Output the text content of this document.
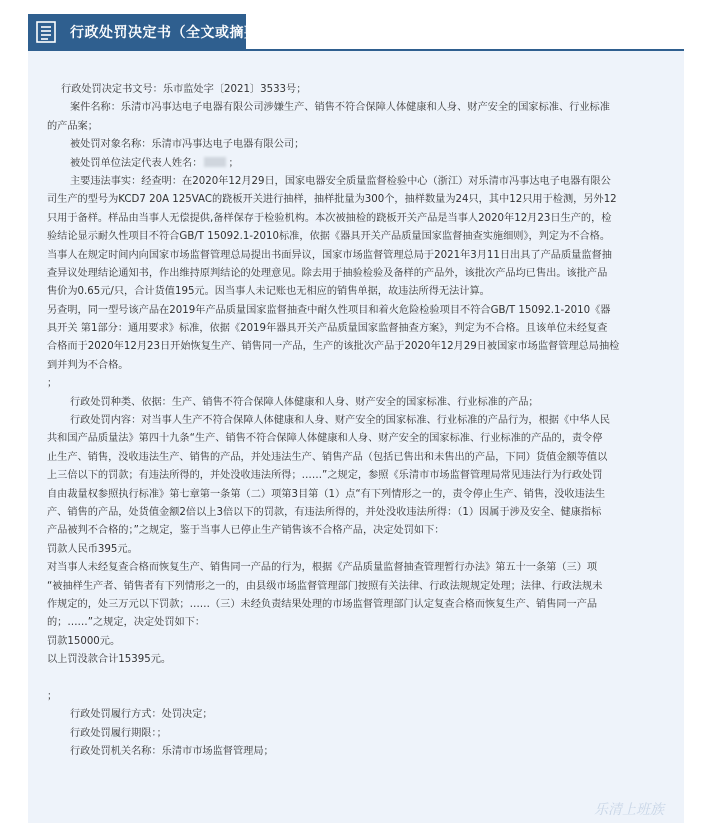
行政处罚决定书（全文或摘要）
行政处罚决定书文号：乐市监处字〔2021〕3533号；
案件名称：乐清市冯事达电子电器有限公司涉嫌生产、销售不符合保障人体健康和人身、财产安全的国家标准、行业标准
的产品案；
被处罚对象名称：乐清市冯事达电子电器有限公司；
被处罚单位法定代表人姓名：	；
主要违法事实：经查明：在2020年12月29日，国家电器安全质量监督检验中心（浙江）对乐清市冯事达电子电器有限公
司生产的型号为KCD7 20A 125VAC的跷板开关进行抽样，抽样批量为300个，抽样数量为24只，其中12只用于检测，另外12
只用于备样。样品由当事人无偿提供,备样保存于检验机构。本次被抽检的跷板开关产品是当事人2020年12月23日生产的，检
验结论显示耐久性项目不符合GB/T 15092.1-2010标准，依据《器具开关产品质量国家监督抽查实施细则》，判定为不合格。
当事人在规定时间内向国家市场监督管理总局提出书面异议，国家市场监督管理总局于2021年3月11日出具了产品质量监督抽
查异议处理结论通知书，作出维持原判结论的处理意见。除去用于抽验检验及备样的产品外，该批次产品均已售出。该批产品
售价为0.65元/只，合计货值195元。因当事人未记账也无相应的销售单据，故违法所得无法计算。
另查明，同一型号该产品在2019年产品质量国家监督抽查中耐久性项目和着火危险检验项目不符合GB/T 15092.1-2010《器
具开关 第1部分：通用要求》标准，依据《2019年器具开关产品质量国家监督抽查方案》，判定为不合格。且该单位未经复查
合格而于2020年12月23日开始恢复生产、销售同一产品，生产的该批次产品于2020年12月29日被国家市场监督管理总局抽检
到并判为不合格。
；
行政处罚种类、依据：生产、销售不符合保障人体健康和人身、财产安全的国家标准、行业标准的产品；
行政处罚内容：对当事人生产不符合保障人体健康和人身、财产安全的国家标准、行业标准的产品行为，根据《中华人民
共和国产品质量法》第四十九条“生产、销售不符合保障人体健康和人身、财产安全的国家标准、行业标准的产品的，责令停
止生产、销售，没收违法生产、销售的产品，并处违法生产、销售产品（包括已售出和未售出的产品，下同）货值金额等值以
上三倍以下的罚款；有违法所得的，并处没收违法所得；……”之规定，参照《乐清市市场监督管理局常见违法行为行政处罚
自由裁量权参照执行标准》第七章第一条第（二）项第3目第（1）点“有下列情形之一的，责令停止生产、销售，没收违法生
产、销售的产品，处货值金额2倍以上3倍以下的罚款，有违法所得的，并处没收违法所得：（1）因属于涉及安全、健康指标
产品被判不合格的；”之规定，鉴于当事人已停止生产销售该不合格产品，决定处罚如下：
罚款人民币395元。
对当事人未经复查合格而恢复生产、销售同一产品的行为，根据《产品质量监督抽查管理暂行办法》第五十一条第（三）项
“被抽样生产者、销售者有下列情形之一的，由县级市场监督管理部门按照有关法律、行政法规规定处理；法律、行政法规未
作规定的，处三万元以下罚款；……（三）未经负责结果处理的市场监督管理部门认定复查合格而恢复生产、销售同一产品
的；……”之规定，决定处罚如下：
罚款15000元。
以上罚没款合计15395元。
；
行政处罚履行方式：处罚决定；
行政处罚履行期限：；
行政处罚机关名称：乐清市市场监督管理局；
乐清上班族
